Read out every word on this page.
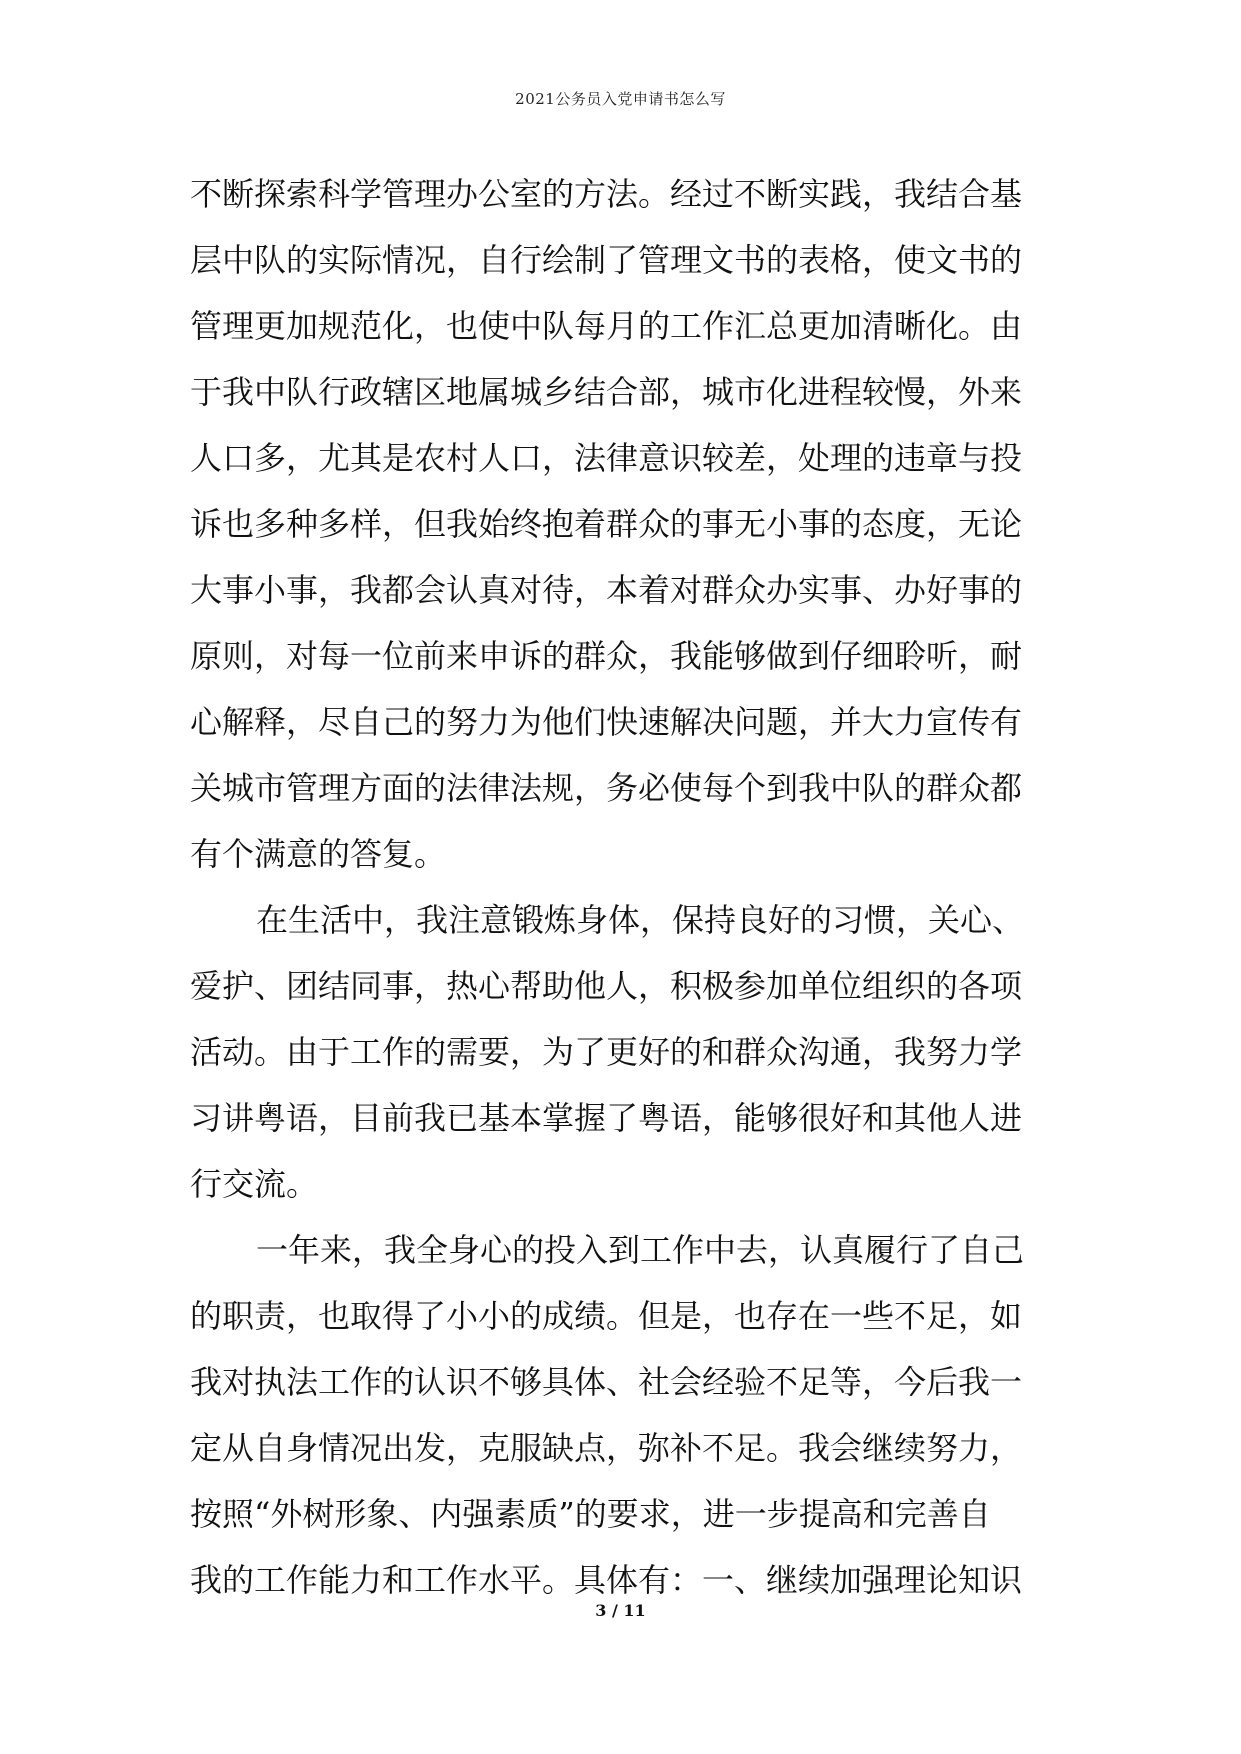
2021公务员入党申请书怎么写
不断探索科学管理办公室的方法。经过不断实践，我结合基
层中队的实际情况，自行绘制了管理文书的表格，使文书的
管理更加规范化，也使中队每月的工作汇总更加清晰化。由
于我中队行政辖区地属城乡结合部，城市化进程较慢，外来
人口多，尤其是农村人口，法律意识较差，处理的违章与投
诉也多种多样，但我始终抱着群众的事无小事的态度，无论
大事小事，我都会认真对待，本着对群众办实事、办好事的
原则，对每一位前来申诉的群众，我能够做到仔细聆听，耐
心解释，尽自己的努力为他们快速解决问题，并大力宣传有
关城市管理方面的法律法规，务必使每个到我中队的群众都
有个满意的答复。
在生活中，我注意锻炼身体，保持良好的习惯，关心、
爱护、团结同事，热心帮助他人，积极参加单位组织的各项
活动。由于工作的需要，为了更好的和群众沟通，我努力学
习讲粤语，目前我已基本掌握了粤语，能够很好和其他人进
行交流。
一年来，我全身心的投入到工作中去，认真履行了自己
的职责，也取得了小小的成绩。但是，也存在一些不足，如
我对执法工作的认识不够具体、社会经验不足等，今后我一
定从自身情况出发，克服缺点，弥补不足。我会继续努力，
按照“外树形象、内强素质”的要求，进一步提高和完善自
我的工作能力和工作水平。具体有：一、继续加强理论知识
3 / 11
